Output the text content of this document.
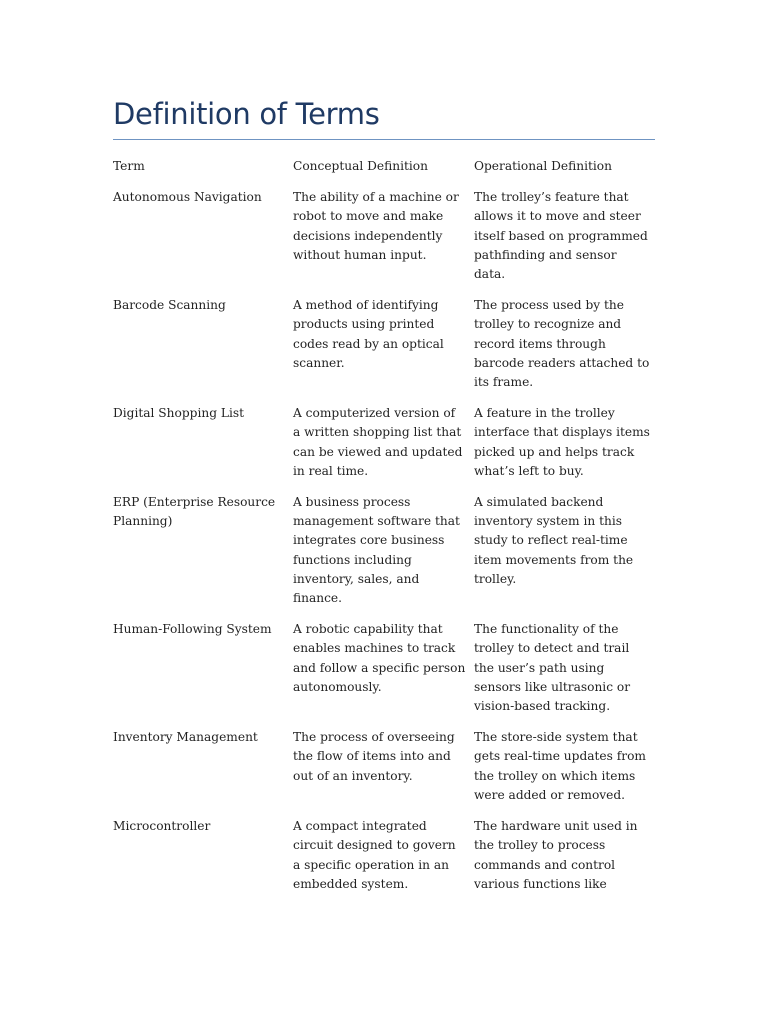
Definition of Terms
Term	Conceptual Definition	Operational Definition
Autonomous Navigation	The ability of a machine or robot to move and make decisions independently without human input.	The trolley’s feature that allows it to move and steer itself based on programmed pathfinding and sensor data.
Barcode Scanning	A method of identifying products using printed codes read by an optical scanner.	The process used by the trolley to recognize and record items through barcode readers attached to its frame.
Digital Shopping List	A computerized version of a written shopping list that can be viewed and updated in real time.	A feature in the trolley interface that displays items picked up and helps track what’s left to buy.
ERP (Enterprise Resource Planning)	A business process management software that integrates core business functions including inventory, sales, and finance.	A simulated backend inventory system in this study to reflect real-time item movements from the trolley.
Human-Following System	A robotic capability that enables machines to track and follow a specific person autonomously.	The functionality of the trolley to detect and trail the user’s path using sensors like ultrasonic or vision-based tracking.
Inventory Management	The process of overseeing the flow of items into and out of an inventory.	The store-side system that gets real-time updates from the trolley on which items were added or removed.
Microcontroller	A compact integrated circuit designed to govern a specific operation in an embedded system.	The hardware unit used in the trolley to process commands and control various functions like
